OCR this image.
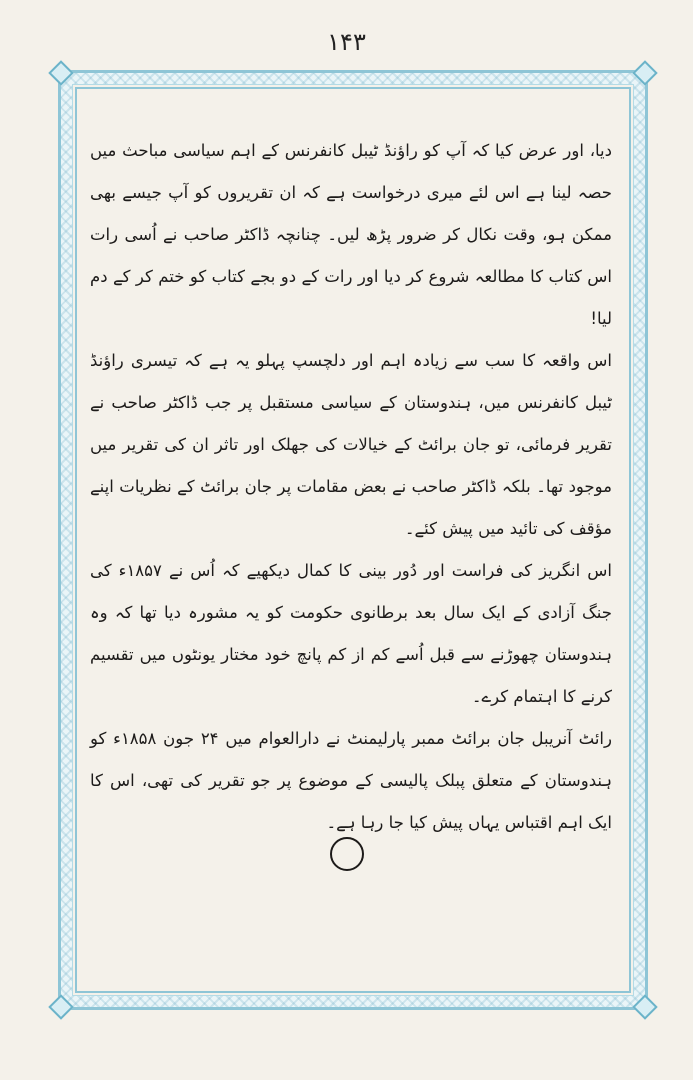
۱۴۳

دیا، اور عرض کیا کہ آپ کو راؤنڈ ٹیبل کانفرنس کے اہم سیاسی مباحث میں حصہ لینا ہے اس لئے میری درخواست ہے کہ ان تقریروں کو آپ جیسے بھی ممکن ہو، وقت نکال کر ضرور پڑھ لیں۔ چنانچہ ڈاکٹر صاحب نے اُسی رات اس کتاب کا مطالعہ شروع کر دیا اور رات کے دو بجے کتاب کو ختم کر کے دم لیا!

اس واقعہ کا سب سے زیادہ اہم اور دلچسپ پہلو یہ ہے کہ تیسری راؤنڈ ٹیبل کانفرنس میں، ہندوستان کے سیاسی مستقبل پر جب ڈاکٹر صاحب نے تقریر فرمائی، تو جان برائٹ کے خیالات کی جھلک اور تاثر ان کی تقریر میں موجود تھا۔ بلکہ ڈاکٹر صاحب نے بعض مقامات پر جان برائٹ کے نظریات اپنے مؤقف کی تائید میں پیش کئے۔

اس انگریز کی فراست اور دُور بینی کا کمال دیکھیے کہ اُس نے ۱۸۵۷ء کی جنگ آزادی کے ایک سال بعد برطانوی حکومت کو یہ مشورہ دیا تھا کہ وہ ہندوستان چھوڑنے سے قبل اُسے کم از کم پانچ خود مختار یونٹوں میں تقسیم کرنے کا اہتمام کرے۔

رائٹ آنریبل جان برائٹ ممبر پارلیمنٹ نے دارالعوام میں ۲۴ جون ۱۸۵۸ء کو ہندوستان کے متعلق پبلک پالیسی کے موضوع پر جو تقریر کی تھی، اس کا ایک اہم اقتباس یہاں پیش کیا جا رہا ہے۔
